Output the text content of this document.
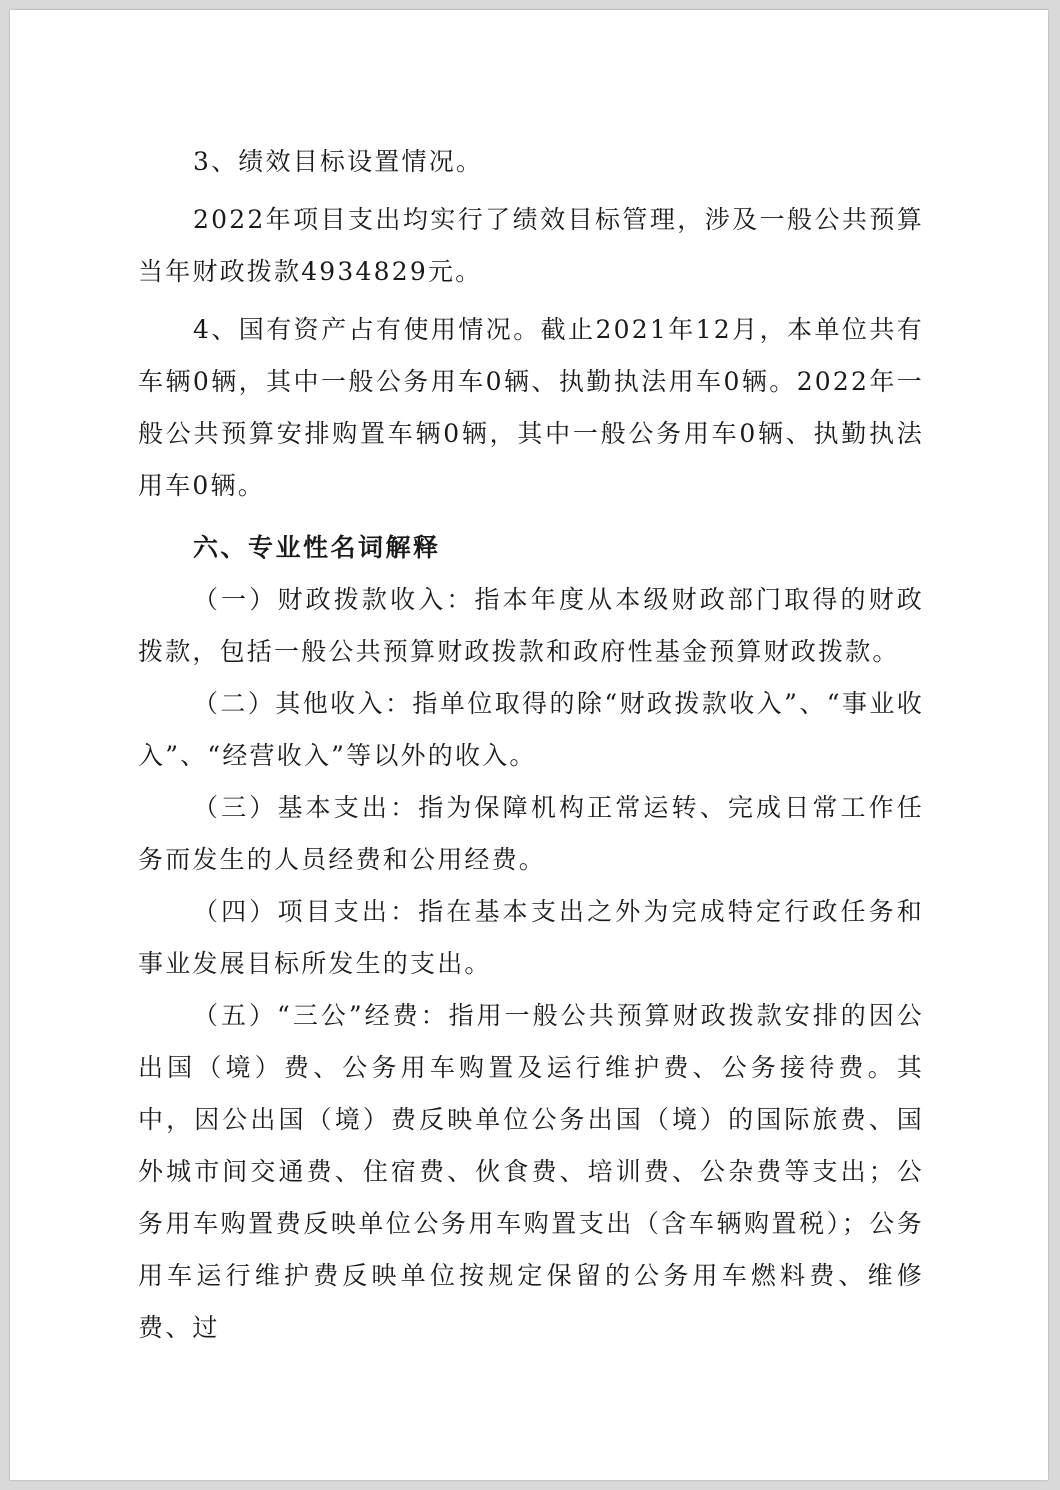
3、绩效目标设置情况。

2022年项目支出均实行了绩效目标管理，涉及一般公共预算当年财政拨款4934829元。

4、国有资产占有使用情况。截止2021年12月，本单位共有车辆0辆，其中一般公务用车0辆、执勤执法用车0辆。2022年一般公共预算安排购置车辆0辆，其中一般公务用车0辆、执勤执法用车0辆。

六、专业性名词解释

（一）财政拨款收入：指本年度从本级财政部门取得的财政拨款，包括一般公共预算财政拨款和政府性基金预算财政拨款。

（二）其他收入：指单位取得的除“财政拨款收入”、“事业收入”、“经营收入”等以外的收入。

（三）基本支出：指为保障机构正常运转、完成日常工作任务而发生的人员经费和公用经费。

（四）项目支出：指在基本支出之外为完成特定行政任务和事业发展目标所发生的支出。

（五）“三公”经费：指用一般公共预算财政拨款安排的因公出国（境）费、公务用车购置及运行维护费、公务接待费。其中，因公出国（境）费反映单位公务出国（境）的国际旅费、国外城市间交通费、住宿费、伙食费、培训费、公杂费等支出；公务用车购置费反映单位公务用车购置支出（含车辆购置税）；公务用车运行维护费反映单位按规定保留的公务用车燃料费、维修费、过
